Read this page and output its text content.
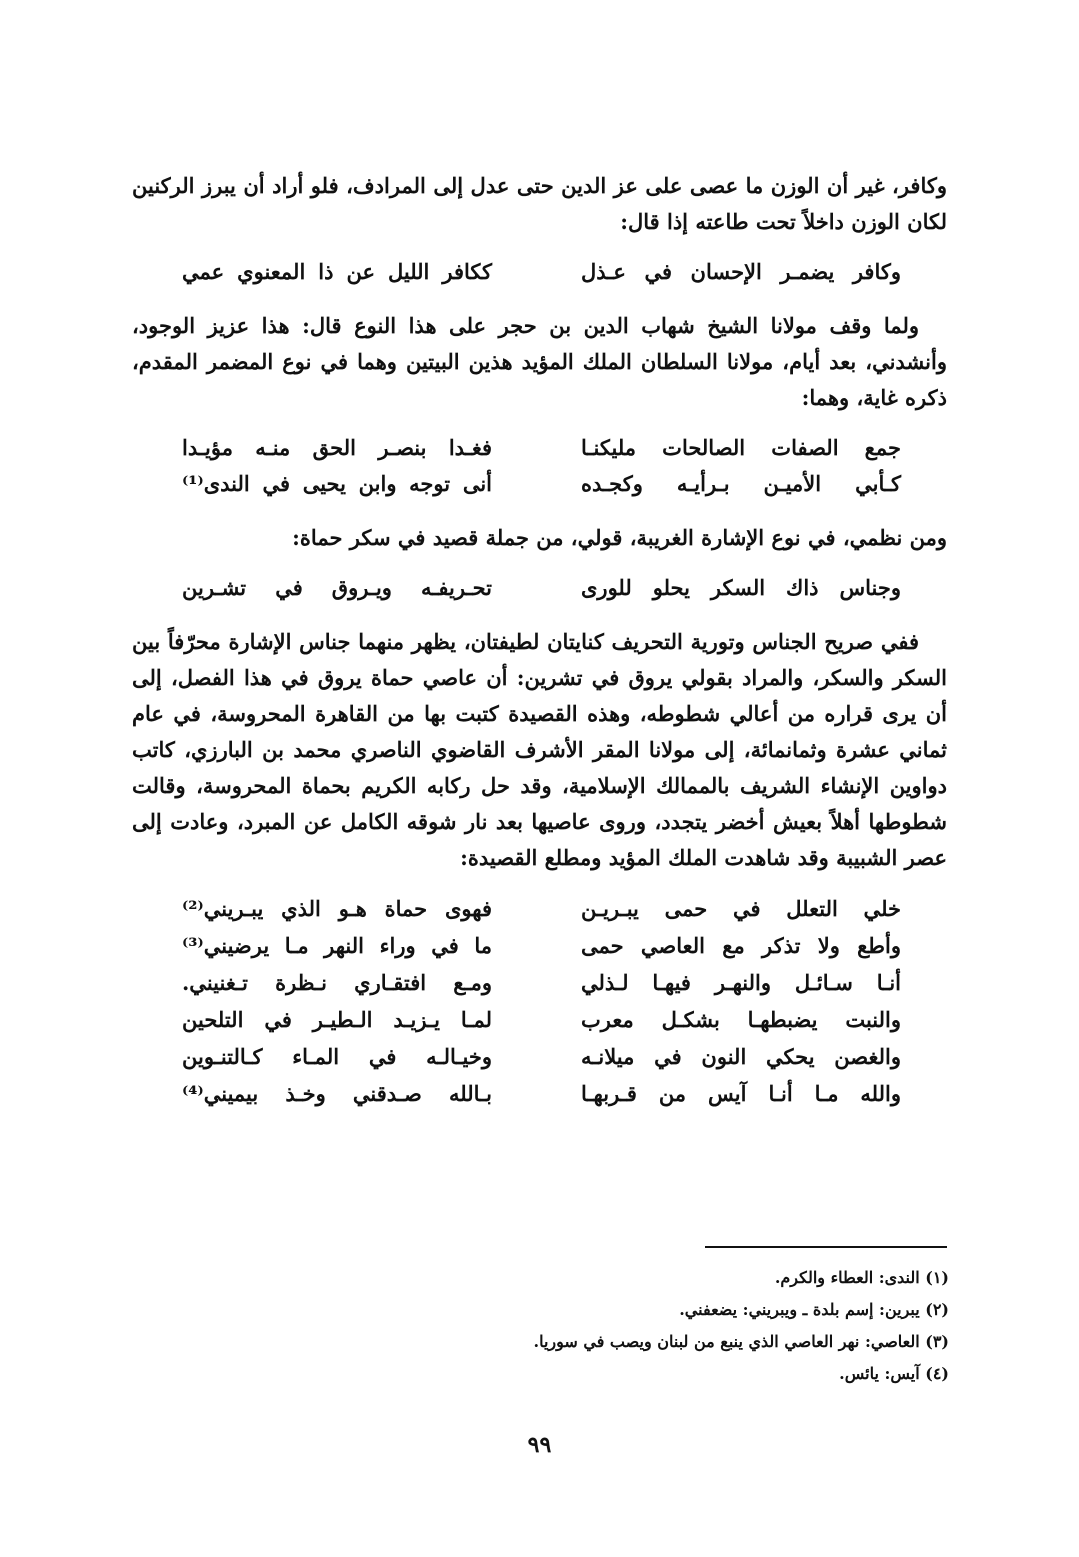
وكافر، غير أن الوزن ما عصى على عز الدين حتى عدل إلى المرادف، فلو أراد أن يبرز الركنين لكان الوزن داخلاً تحت طاعته إذا قال:

وكافر يضمـر الإحسان في عـذل
ككافر الليل عن ذا المعنوي عمي

ولما وقف مولانا الشيخ شهاب الدين بن حجر على هذا النوع قال: هذا عزيز الوجود، وأنشدني، بعد أيام، مولانا السلطان الملك المؤيد هذين البيتين وهما في نوع المضمر المقدم، ذكره غاية، وهما:

جمع الصفات الصالحات مليكنـا
فغـدا بنصـر الحق منـه مؤيـدا
كـأبي الأميـن بـرأيـه وكجـده
أنى توجه وابن يحيى في الندى⁽¹⁾

ومن نظمي، في نوع الإشارة الغريبة، قولي، من جملة قصيد في سكر حماة:

وجناس ذاك السكر يحلو للورى
تحـريفـه ويـروق في تشـرين

ففي صريح الجناس وتورية التحريف كنايتان لطيفتان، يظهر منهما جناس الإشارة محرّفاً بين السكر والسكر، والمراد بقولي يروق في تشرين: أن عاصي حماة يروق في هذا الفصل، إلى أن يرى قراره من أعالي شطوطه، وهذه القصيدة كتبت بها من القاهرة المحروسة، في عام ثماني عشرة وثمانمائة، إلى مولانا المقر الأشرف القاضوي الناصري محمد بن البارزي، كاتب دواوين الإنشاء الشريف بالممالك الإسلامية، وقد حل ركابه الكريم بحماة المحروسة، وقالت شطوطها أهلاً بعيش أخضر يتجدد، وروى عاصيها بعد نار شوقه الكامل عن المبرد، وعادت إلى عصر الشبيبة وقد شاهدت الملك المؤيد ومطلع القصيدة:

خلي التعلل في حمى يبـريـن
فهوى حماة هـو الذي يبـريني⁽²⁾
وأطع ولا تذكر مع العاصي حمى
ما في وراء النهر مـا يرضيني⁽³⁾
أنـا سـائـل والنهـر فيهـا لـذلي
ومـع افتقـاري نـظرة تـغنيني.
والنبت يضبطهـا بشكـل معرب
لمـا يـزيـد الـطيـر في التلحين
والغصن يحكي النون في ميلانـه
وخيـالـه في المـاء كـالتنـوين
والله مـا أنـا آيس من قـربهـا
بـالله صـدقني وخـذ بيميني⁽⁴⁾
(١) الندى: العطاء والكرم.
(٢) يبرين: إسم بلدة ـ ويبريني: يضعفني.
(٣) العاصي: نهر العاصي الذي ينبع من لبنان ويصب في سوريا.
(٤) آيس: يائس.
٩٩
